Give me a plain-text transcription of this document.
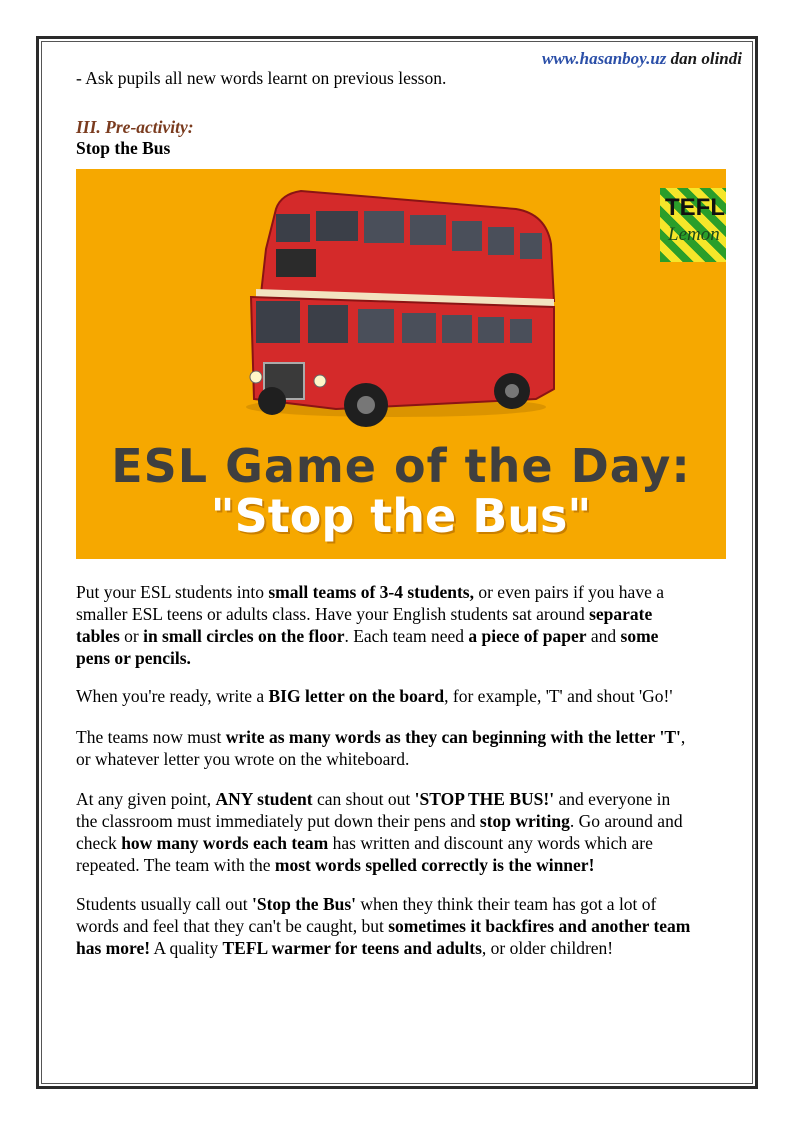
www.hasanboy.uz dan olindi
- Ask pupils all new words learnt on previous lesson.
III. Pre-activity:
Stop the Bus
TEFL
Lemon
ESL Game of the Day:
"Stop the Bus"
Put your ESL students into small teams of 3-4 students, or even pairs if you have a
smaller ESL teens or adults class. Have your English students sat around separate
tables or in small circles on the floor. Each team need a piece of paper and some
pens or pencils.
When you're ready, write a BIG letter on the board, for example, 'T' and shout 'Go!'
The teams now must write as many words as they can beginning with the letter 'T',
or whatever letter you wrote on the whiteboard.
At any given point, ANY student can shout out 'STOP THE BUS!' and everyone in
the classroom must immediately put down their pens and stop writing. Go around and
check how many words each team has written and discount any words which are
repeated. The team with the most words spelled correctly is the winner!
Students usually call out 'Stop the Bus' when they think their team has got a lot of
words and feel that they can't be caught, but sometimes it backfires and another team
has more! A quality TEFL warmer for teens and adults, or older children!
